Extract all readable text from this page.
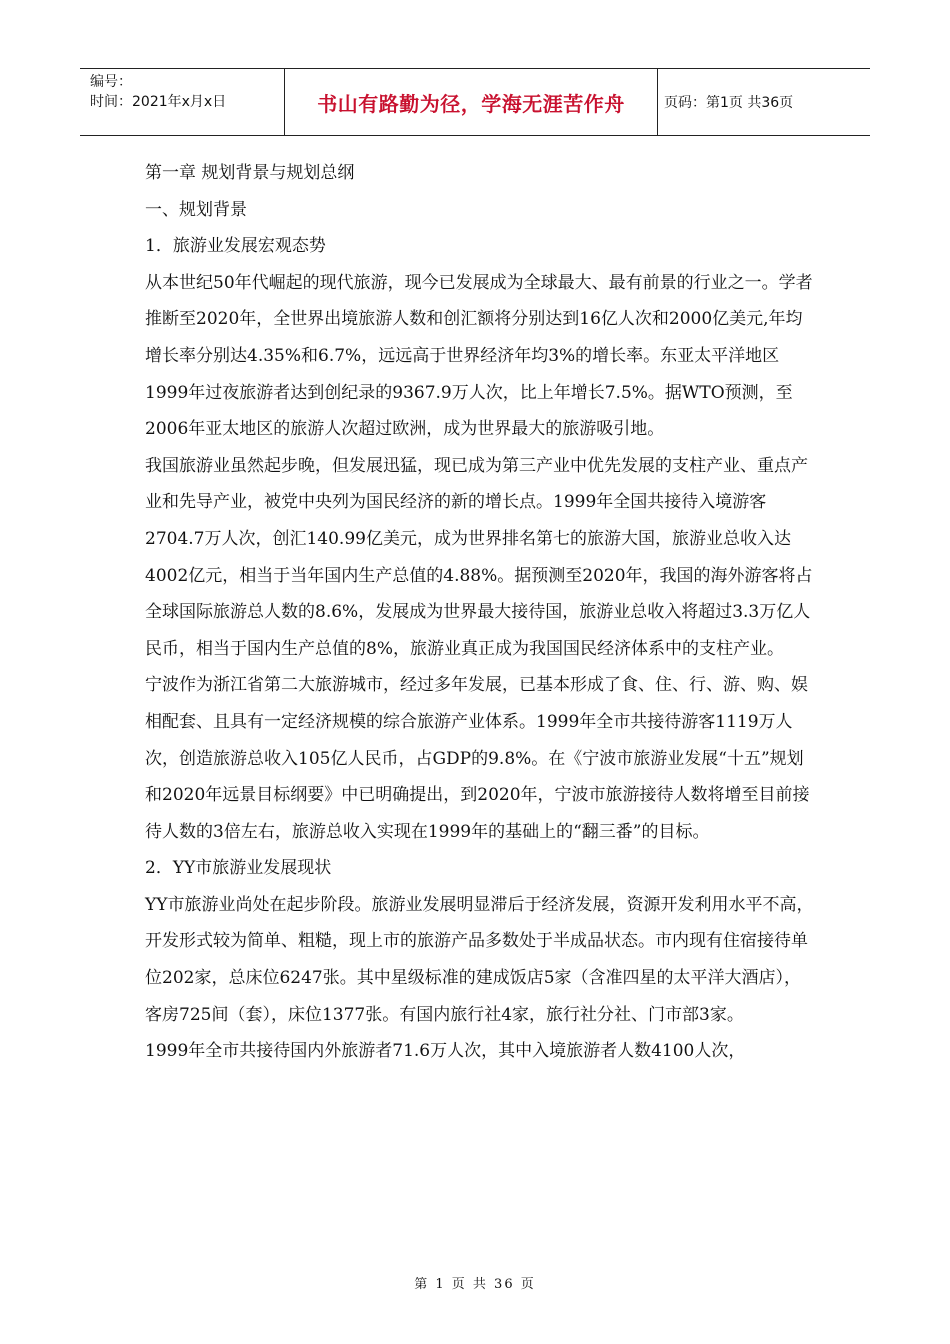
编号：
时间：2021年x月x日	书山有路勤为径，学海无涯苦作舟	页码：第1页 共36页

第一章 规划背景与规划总纲

一、规划背景

1．旅游业发展宏观态势

从本世纪50年代崛起的现代旅游，现今已发展成为全球最大、最有前景的行业之一。学者推断至2020年，全世界出境旅游人数和创汇额将分别达到16亿人次和2000亿美元,年均增长率分别达4.35%和6.7%，远远高于世界经济年均3%的增长率。东亚太平洋地区1999年过夜旅游者达到创纪录的9367.9万人次，比上年增长7.5%。据WTO预测，至2006年亚太地区的旅游人次超过欧洲，成为世界最大的旅游吸引地。

我国旅游业虽然起步晚，但发展迅猛，现已成为第三产业中优先发展的支柱产业、重点产业和先导产业，被党中央列为国民经济的新的增长点。1999年全国共接待入境游客2704.7万人次，创汇140.99亿美元，成为世界排名第七的旅游大国，旅游业总收入达4002亿元，相当于当年国内生产总值的4.88%。据预测至2020年，我国的海外游客将占全球国际旅游总人数的8.6%，发展成为世界最大接待国，旅游业总收入将超过3.3万亿人民币，相当于国内生产总值的8%，旅游业真正成为我国国民经济体系中的支柱产业。

宁波作为浙江省第二大旅游城市，经过多年发展，已基本形成了食、住、行、游、购、娱相配套、且具有一定经济规模的综合旅游产业体系。1999年全市共接待游客1119万人次，创造旅游总收入105亿人民币，占GDP的9.8%。在《宁波市旅游业发展“十五”规划和2020年远景目标纲要》中已明确提出，到2020年，宁波市旅游接待人数将增至目前接待人数的3倍左右，旅游总收入实现在1999年的基础上的“翻三番”的目标。

2．YY市旅游业发展现状

YY市旅游业尚处在起步阶段。旅游业发展明显滞后于经济发展，资源开发利用水平不高，开发形式较为简单、粗糙，现上市的旅游产品多数处于半成品状态。市内现有住宿接待单位202家，总床位6247张。其中星级标准的建成饭店5家（含准四星的太平洋大酒店），客房725间（套），床位1377张。有国内旅行社4家，旅行社分社、门市部3家。

1999年全市共接待国内外旅游者71.6万人次，其中入境旅游者人数4100人次，

第 1 页 共 36 页
